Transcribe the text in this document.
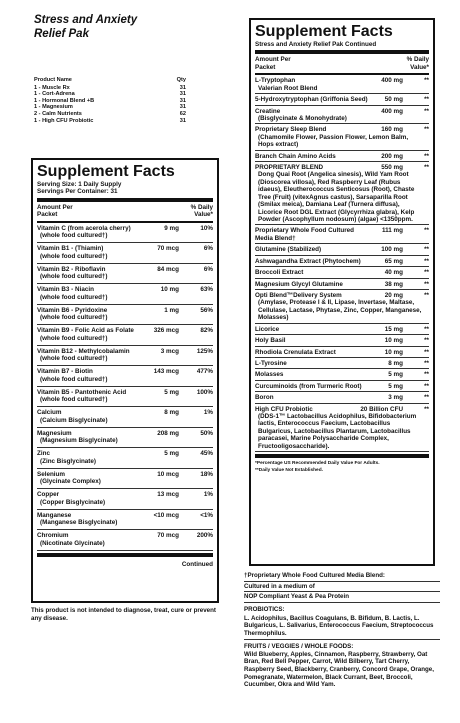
Stress and Anxiety
Relief Pak
Product Name	Qty
1 - Muscle Rx	31
1 - Cort-Adrena	31
1 - Hormonal Blend +B	31
1 - Magnesium	31
2 - Calm Nutrients	62
1 - High CFU Probiotic	31
Supplement Facts
Serving Size: 1 Daily Supply
Servings Per Container: 31
Amount Per
Packet
% Daily
Value*
Vitamin C (from acerola cherry)
(whole food cultured†)
9 mg	10%
Vitamin B1 - (Thiamin)
(whole food cultured†)
70 mcg	6%
Vitamin B2 - Riboflavin
(whole food cultured†)
84 mcg	6%
Vitamin B3 - Niacin
(whole food cultured†)
10 mg	63%
Vitamin B6 - Pyridoxine
(whole food cultured†)
1 mg	56%
Vitamin B9 - Folic Acid as Folate
(whole food cultured†)
326 mcg	82%
Vitamin B12 - Methylcobalamin
(whole food cultured†)
3 mcg	125%
Vitamin B7 - Biotin
(whole food cultured†)
143 mcg	477%
Vitamin B5 - Pantothenic Acid
(whole food cultured†)
5 mg	100%
Calcium
(Calcium Bisglycinate)
8 mg	1%
Magnesium
(Magnesium Bisglycinate)
208 mg	50%
Zinc
(Zinc Bisglycinate)
5 mg	45%
Selenium
(Glycinate Complex)
10 mcg	18%
Copper
(Copper Bisglycinate)
13 mcg	1%
Manganese
(Manganese Bisglycinate)
<10 mcg	<1%
Chromium
(Nicotinate Glycinate)
70 mcg	200%
Continued
This product is not intended to diagnose, treat, cure or prevent any disease.
Supplement Facts
Stress and Anxiety Relief Pak Continued
Amount Per
Packet
% Daily
Value*
L-Tryptophan
Valerian Root Blend
400 mg	**
5-Hydroxytryptophan (Griffonia Seed)	50 mg	**
Creatine
(Bisglycinate & Monohydrate)
400 mg	**
Proprietary Sleep Blend
(Chamomile Flower, Passion Flower, Lemon Balm, Hops extract)
160 mg	**
Branch Chain Amino Acids	200 mg	**
PROPRIETARY BLEND
Dong Quai Root (Angelica sinesis), Wild Yam Root (Dioscorea villosa), Red Raspberry Leaf (Rubus idaeus), Eleutherococcus Senticosus (Root), Chaste Tree (Fruit) (vitexAgnus castus), Sarsaparilla Root (Smilax meica), Damiana Leaf (Turnera diffusa), Licorice Root DGL Extract (Glycyrrhiza glabra), Kelp Powder (Ascophyllum nodosum) (algae) <1350ppm.
550 mg	**
Proprietary Whole Food Cultured Media Blend†
111 mg	**
Glutamine (Stabilized)	100 mg	**
Ashwagandha Extract (Phytochem)	65 mg	**
Broccoli Extract	40 mg	**
Magnesium Glycyl Glutamine	38 mg	**
Opti Blend™Delivery System
(Amylase, Protease I & II, Lipase, Invertase, Maltase, Cellulase, Lactase, Phytase, Zinc, Copper, Manganese, Molasses)
20 mg	**
Licorice	15 mg	**
Holy Basil	10 mg	**
Rhodiola Crenulata Extract	10 mg	**
L-Tyrosine	8 mg	**
Molasses	5 mg	**
Curcuminoids (from Turmeric Root)	5 mg	**
Boron	3 mg	**
High CFU Probiotic
(DDS-1™ Lactobacillus Acidophilus, Bifidobacterium lactis, Enterococcus Faecium, Lactobacillus Bulgaricus, Lactobacillus Plantarum, Lactobacillus paracasei, Marine Polysaccharide Complex, Fructooligosaccharide).
20 Billion CFU	**
*Percentage US Recommended Daily Value For Adults.
**Daily Value Not Established.
†Proprietary Whole Food Cultured Media Blend:
Cultured in a medium of
NOP Compliant Yeast & Pea Protein
PROBIOTICS:
L. Acidophilus, Bacillus Coagulans, B. Bifidum, B. Lactis, L. Bulgaricus, L. Salivarius, Enterococcus Faecium, Streptococcus Thermophilus.
FRUITS / VEGGIES / WHOLE FOODS:
Wild Blueberry, Apples, Cinnamon, Raspberry, Strawberry, Oat Bran, Red Bell Pepper, Carrot, Wild Bilberry, Tart Cherry, Raspberry Seed, Blackberry, Cranberry, Concord Grape, Orange, Pomegranate, Watermelon, Black Currant, Beet, Broccoli, Cucumber, Okra and Wild Yam.
